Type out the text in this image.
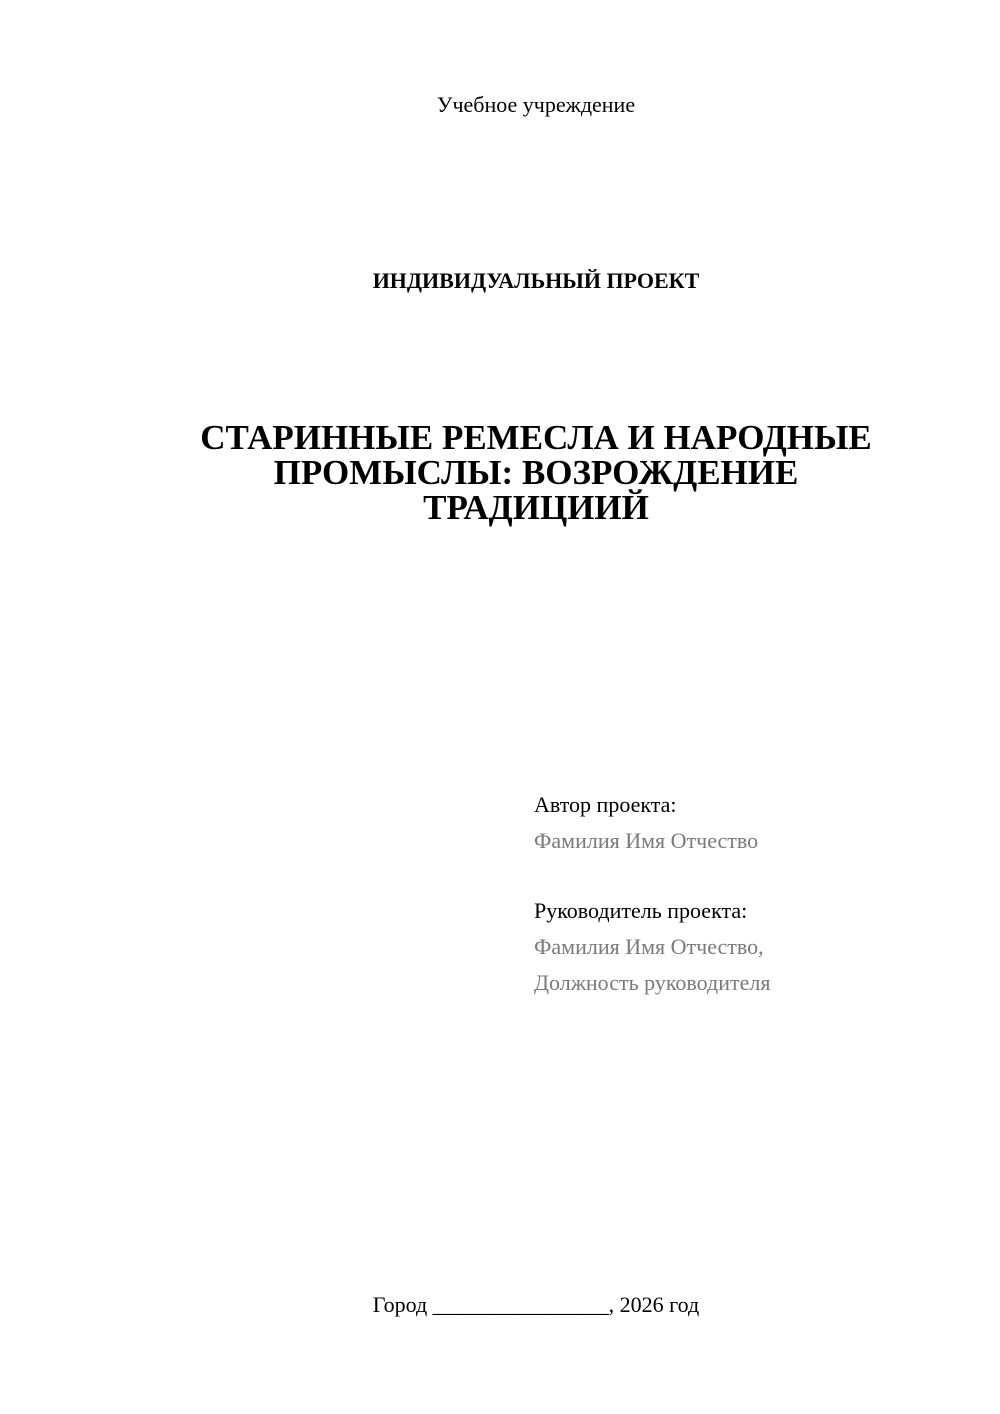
Учебное учреждение
ИНДИВИДУАЛЬНЫЙ ПРОЕКТ
СТАРИННЫЕ РЕМЕСЛА И НАРОДНЫЕ
ПРОМЫСЛЫ: ВОЗРОЖДЕНИЕ
ТРАДИЦИИЙ
Автор проекта:
Фамилия Имя Отчество
Руководитель проекта:
Фамилия Имя Отчество,
Должность руководителя
Город ________________, 2026 год
